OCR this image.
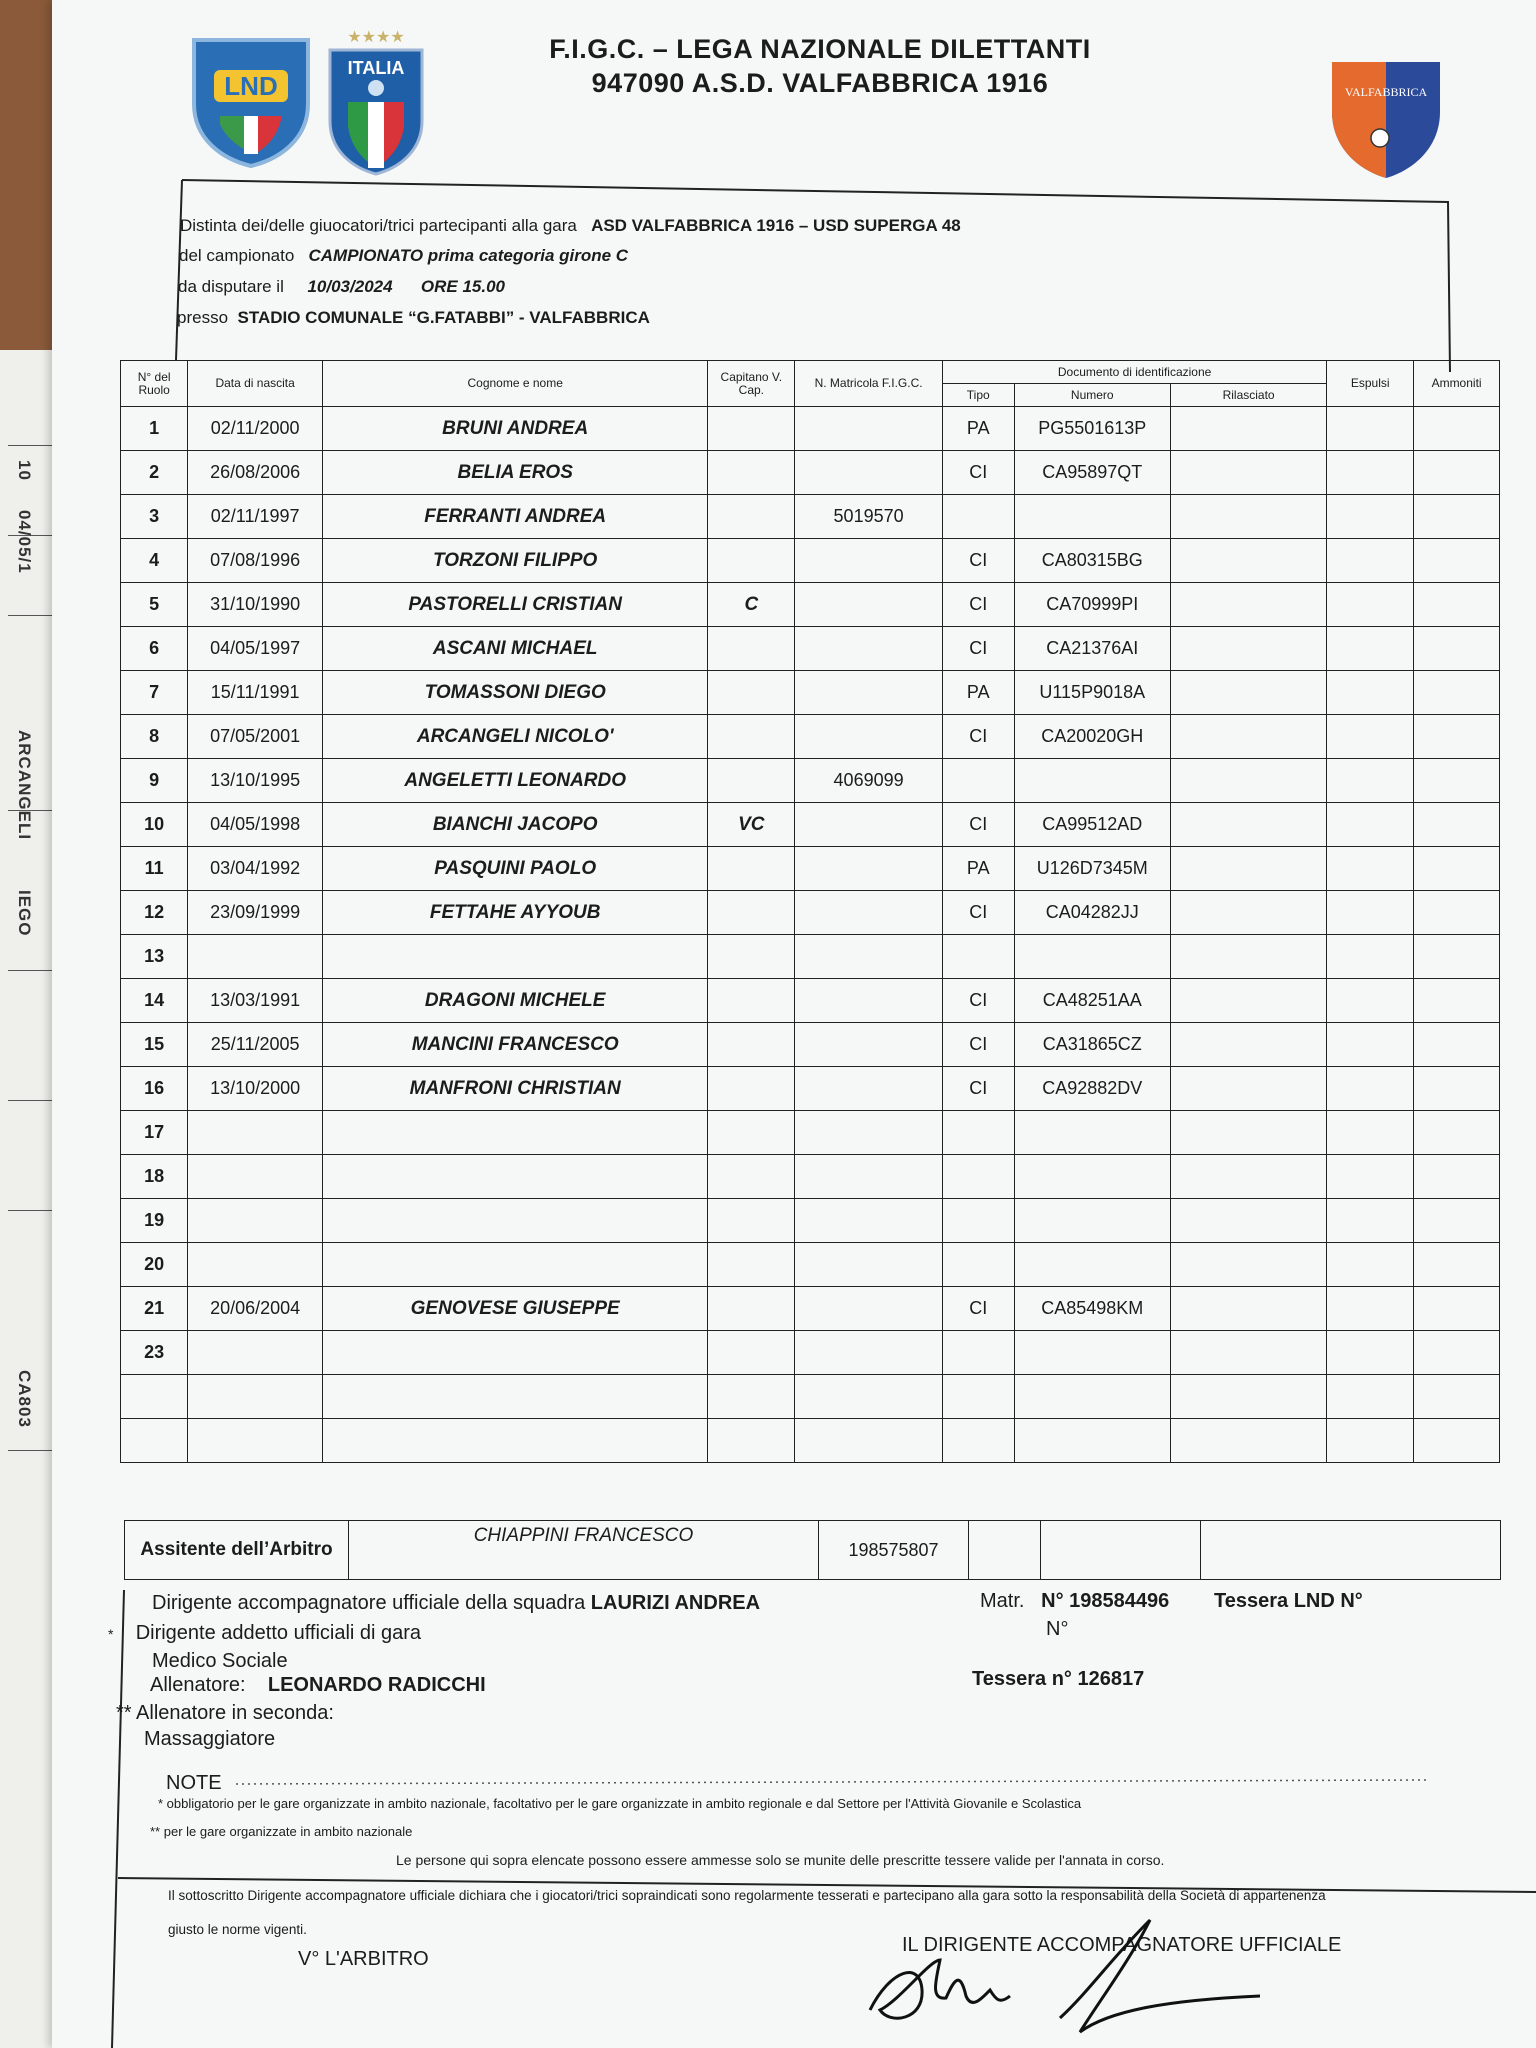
10
04/05/1
ARCANGELI
IEGO
CA803
LND
★★★★
ITALIA
VALFABBRICA
F.I.G.C. – LEGA NAZIONALE DILETTANTI
947090 A.S.D. VALFABBRICA 1916
Distinta dei/delle giuocatori/trici partecipanti alla gara ASD VALFABBRICA 1916 – USD SUPERGA 48
del campionato CAMPIONATO prima categoria girone C
da disputare il 10/03/2024 ORE 15.00
presso STADIO COMUNALE “G.FATABBI” - VALFABBRICA
N° del Ruolo	Data di nascita	Cognome e nome	Capitano V. Cap.	N. Matricola F.I.G.C.	Documento di identificazione			Espulsi	Ammoniti
					Tipo	Numero	Rilasciato		
1	02/11/2000	BRUNI ANDREA			PA	PG5501613P			
2	26/08/2006	BELIA EROS			CI	CA95897QT			
3	02/11/1997	FERRANTI ANDREA		5019570					
4	07/08/1996	TORZONI FILIPPO			CI	CA80315BG			
5	31/10/1990	PASTORELLI CRISTIAN	C		CI	CA70999PI			
6	04/05/1997	ASCANI MICHAEL			CI	CA21376AI			
7	15/11/1991	TOMASSONI DIEGO			PA	U115P9018A			
8	07/05/2001	ARCANGELI NICOLO'			CI	CA20020GH			
9	13/10/1995	ANGELETTI LEONARDO		4069099					
10	04/05/1998	BIANCHI JACOPO	VC		CI	CA99512AD			
11	03/04/1992	PASQUINI PAOLO			PA	U126D7345M			
12	23/09/1999	FETTAHE AYYOUB			CI	CA04282JJ			
13									
14	13/03/1991	DRAGONI MICHELE			CI	CA48251AA			
15	25/11/2005	MANCINI FRANCESCO			CI	CA31865CZ			
16	13/10/2000	MANFRONI CHRISTIAN			CI	CA92882DV			
17									
18									
19									
20									
21	20/06/2004	GENOVESE GIUSEPPE			CI	CA85498KM			
23									

Assitente dell’Arbitro	CHIAPPINI FRANCESCO	198575807			
Dirigente accompagnatore ufficiale della squadra LAURIZI ANDREA
* Dirigente addetto ufficiali di gara
Medico Sociale
Allenatore: LEONARDO RADICCHI
** Allenatore in seconda:
Massaggiatore
Matr. N° 198584496 Tessera LND N°
N°
Tessera n° 126817
NOTE
* obbligatorio per le gare organizzate in ambito nazionale, facoltativo per le gare organizzate in ambito regionale e dal Settore per l'Attività Giovanile e Scolastica
** per le gare organizzate in ambito nazionale
Le persone qui sopra elencate possono essere ammesse solo se munite delle prescritte tessere valide per l'annata in corso.
Il sottoscritto Dirigente accompagnatore ufficiale dichiara che i giocatori/trici sopraindicati sono regolarmente tesserati e partecipano alla gara sotto la responsabilità della Società di appartenenza
giusto le norme vigenti.
V° L'ARBITRO
IL DIRIGENTE ACCOMPAGNATORE UFFICIALE
